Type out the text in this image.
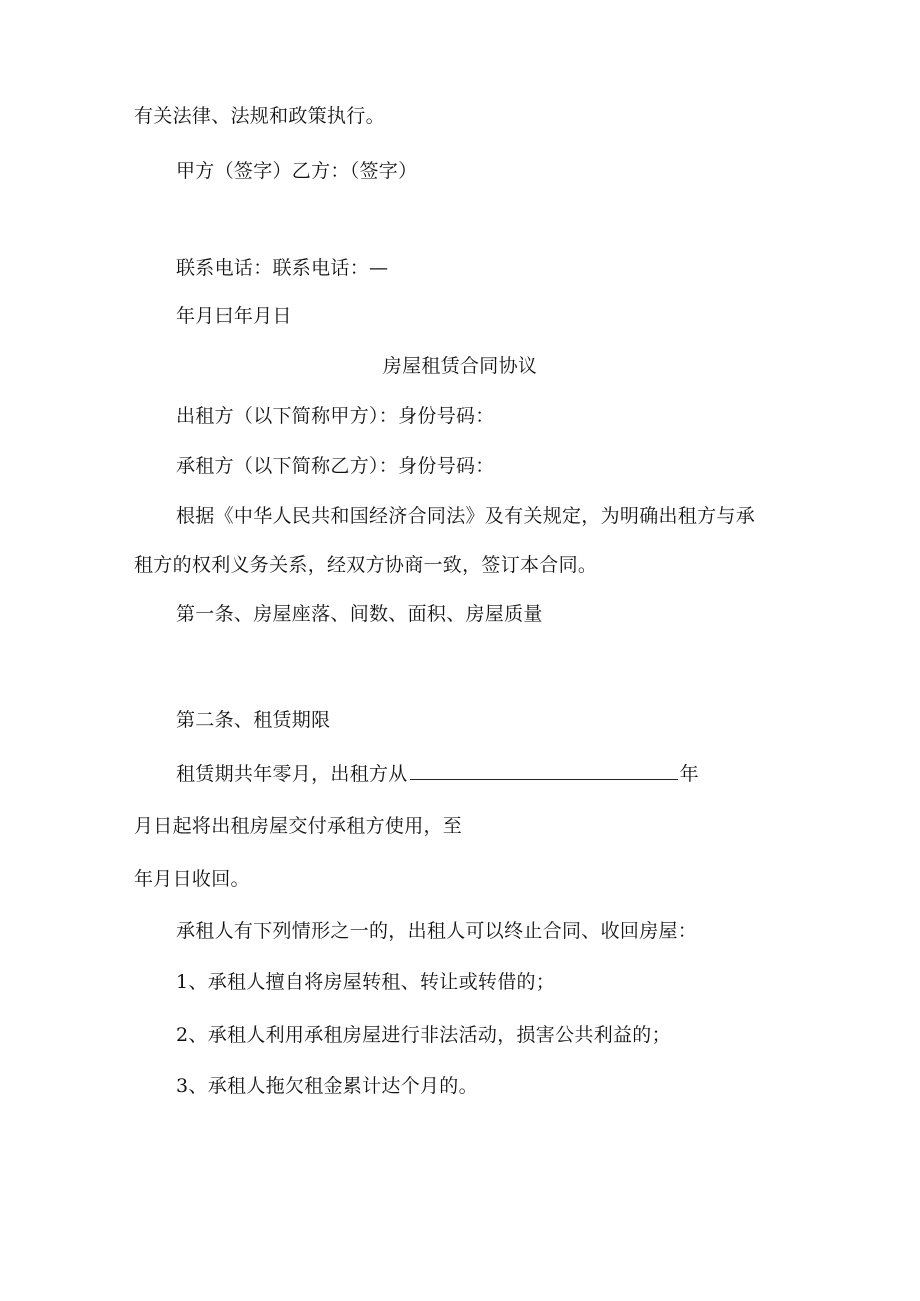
有关法律、法规和政策执行。
甲方（签字）乙方：（签字）
联系电话：联系电话：—
年月曰年月日
房屋租赁合同协议
出租方（以下简称甲方）：身份号码：
承租方（以下简称乙方）：身份号码：
根据《中华人民共和国经济合同法》及有关规定，为明确出租方与承
租方的权利义务关系，经双方协商一致，签订本合同。
第一条、房屋座落、间数、面积、房屋质量
第二条、租赁期限
租赁期共年零月，出租方从	年
月日起将出租房屋交付承租方使用，至
年月日收回。
承租人有下列情形之一的，出租人可以终止合同、收回房屋：
1、承租人擅自将房屋转租、转让或转借的；
2、承租人利用承租房屋进行非法活动，损害公共利益的；
3、承租人拖欠租金累计达个月的。
